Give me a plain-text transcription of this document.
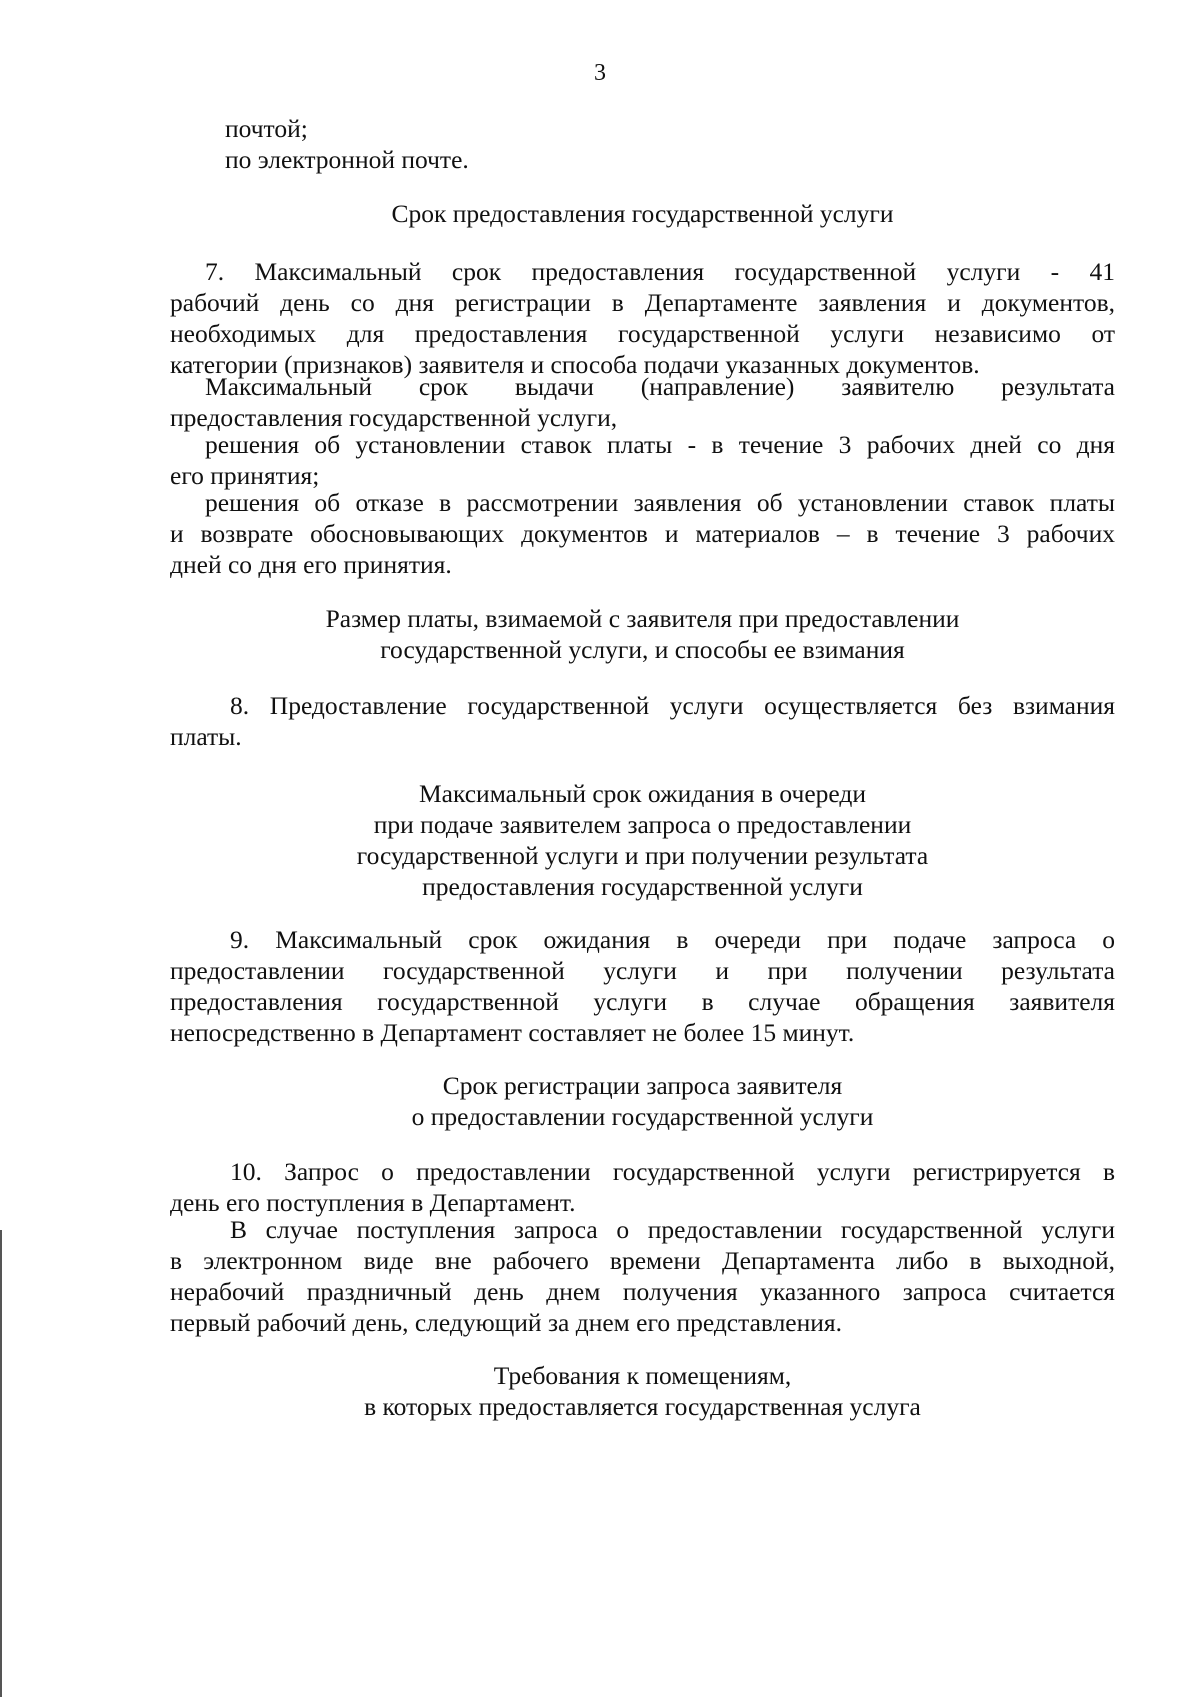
3
почтой;
по электронной почте.
Срок предоставления государственной услуги
7. Максимальный срок предоставления государственной услуги - 41
рабочий день со дня регистрации в Департаменте заявления и документов,
необходимых для предоставления государственной услуги независимо от
категории (признаков) заявителя и способа подачи указанных документов.
Максимальный срок выдачи (направление) заявителю результата
предоставления государственной услуги,
решения об установлении ставок платы - в течение 3 рабочих дней со дня
его принятия;
решения об отказе в рассмотрении заявления об установлении ставок платы
и возврате обосновывающих документов и материалов – в течение 3 рабочих
дней со дня его принятия.
Размер платы, взимаемой с заявителя при предоставлении
государственной услуги, и способы ее взимания
8. Предоставление государственной услуги осуществляется без взимания
платы.
Максимальный срок ожидания в очереди
при подаче заявителем запроса о предоставлении
государственной услуги и при получении результата
предоставления государственной услуги
9. Максимальный срок ожидания в очереди при подаче запроса о
предоставлении государственной услуги и при получении результата
предоставления государственной услуги в случае обращения заявителя
непосредственно в Департамент составляет не более 15 минут.
Срок регистрации запроса заявителя
о предоставлении государственной услуги
10. Запрос о предоставлении государственной услуги регистрируется в
день его поступления в Департамент.
В случае поступления запроса о предоставлении государственной услуги
в электронном виде вне рабочего времени Департамента либо в выходной,
нерабочий праздничный день днем получения указанного запроса считается
первый рабочий день, следующий за днем его представления.
Требования к помещениям,
в которых предоставляется государственная услуга
